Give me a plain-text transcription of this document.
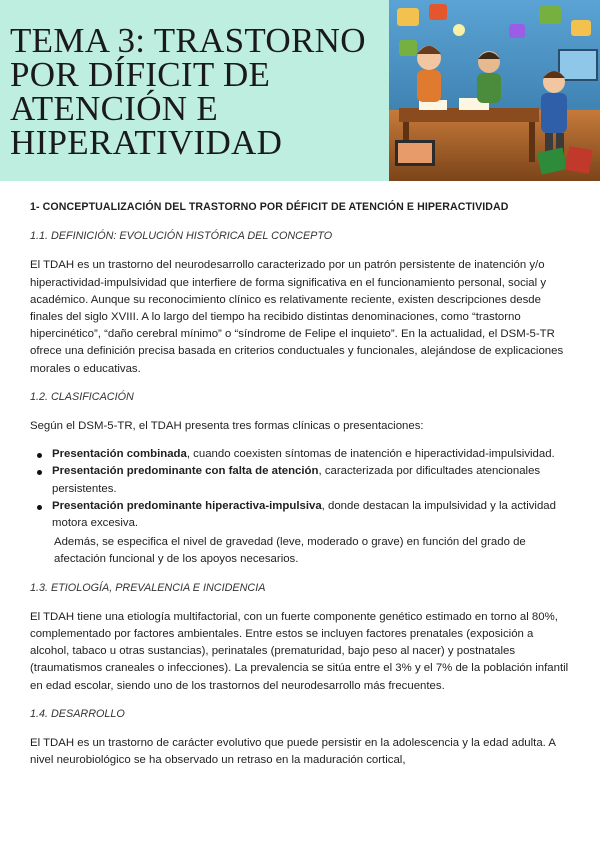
TEMA 3: TRASTORNO
POR DÍFICIT DE
ATENCIÓN E
HIPERATIVIDAD

1- CONCEPTUALIZACIÓN DEL TRASTORNO POR DÉFICIT DE ATENCIÓN E HIPERACTIVIDAD

1.1. DEFINICIÓN: EVOLUCIÓN HISTÓRICA DEL CONCEPTO

El TDAH es un trastorno del neurodesarrollo caracterizado por un patrón persistente de inatención y/o hiperactividad-impulsividad que interfiere de forma significativa en el funcionamiento personal, social y académico. Aunque su reconocimiento clínico es relativamente reciente, existen descripciones desde finales del siglo XVIII. A lo largo del tiempo ha recibido distintas denominaciones, como “trastorno hipercinético”, “daño cerebral mínimo” o “síndrome de Felipe el inquieto”. En la actualidad, el DSM-5-TR ofrece una definición precisa basada en criterios conductuales y funcionales, alejándose de explicaciones morales o educativas.

1.2. CLASIFICACIÓN

Según el DSM-5-TR, el TDAH presenta tres formas clínicas o presentaciones:

Presentación combinada, cuando coexisten síntomas de inatención e hiperactividad-impulsividad.
Presentación predominante con falta de atención, caracterizada por dificultades atencionales persistentes.
Presentación predominante hiperactiva-impulsiva, donde destacan la impulsividad y la actividad motora excesiva.

Además, se especifica el nivel de gravedad (leve, moderado o grave) en función del grado de afectación funcional y de los apoyos necesarios.

1.3. ETIOLOGÍA, PREVALENCIA E INCIDENCIA

El TDAH tiene una etiología multifactorial, con un fuerte componente genético estimado en torno al 80%, complementado por factores ambientales. Entre estos se incluyen factores prenatales (exposición a alcohol, tabaco u otras sustancias), perinatales (prematuridad, bajo peso al nacer) y postnatales (traumatismos craneales o infecciones). La prevalencia se sitúa entre el 3% y el 7% de la población infantil en edad escolar, siendo uno de los trastornos del neurodesarrollo más frecuentes.

1.4. DESARROLLO

El TDAH es un trastorno de carácter evolutivo que puede persistir en la adolescencia y la edad adulta. A nivel neurobiológico se ha observado un retraso en la maduración cortical,
